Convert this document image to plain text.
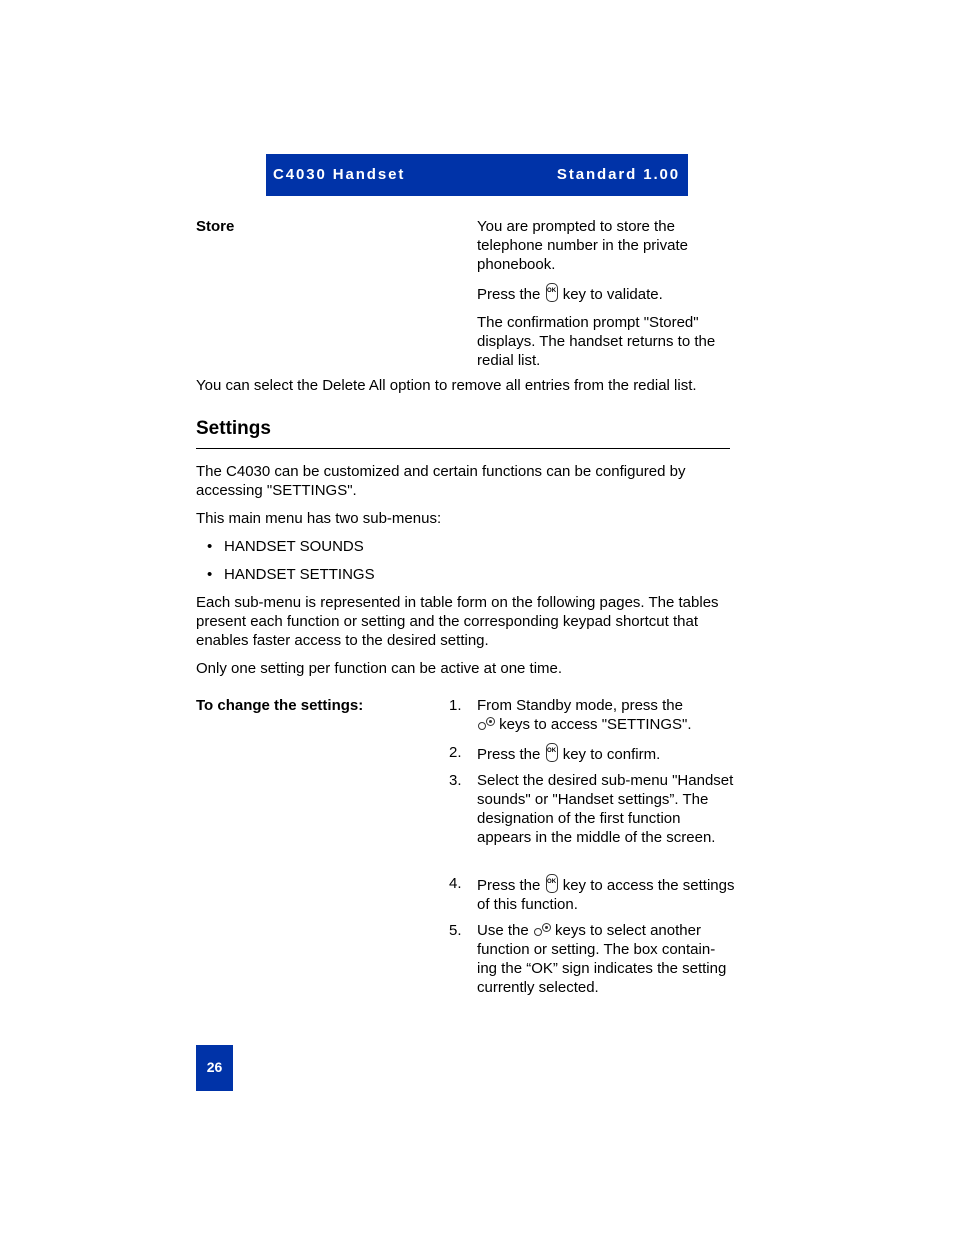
C4030 Handset	Standard 1.00
Store	You are prompted to store the telephone number in the private phonebook.

Press the OK key to validate.

The confirmation prompt "Stored" displays. The handset returns to the redial list.

You can select the Delete All option to remove all entries from the redial list.
Settings
The C4030 can be customized and certain functions can be configured by accessing "SETTINGS".
This main menu has two sub-menus:
• HANDSET SOUNDS
• HANDSET SETTINGS
Each sub-menu is represented in table form on the following pages. The tables present each function or setting and the corresponding keypad shortcut that enables faster access to the desired setting.
Only one setting per function can be active at one time.
To change the settings:	1. From Standby mode, press the

keys to access "SETTINGS".
2. Press the OK key to confirm.
3. Select the desired sub-menu "Handset sounds" or "Handset settings”. The designation of the first function appears in the middle of the screen.
4. Press the OK key to access the settings of this function.
5. Use the keys to select another function or setting. The box contain-ing the “OK” sign indicates the setting currently selected.
26
